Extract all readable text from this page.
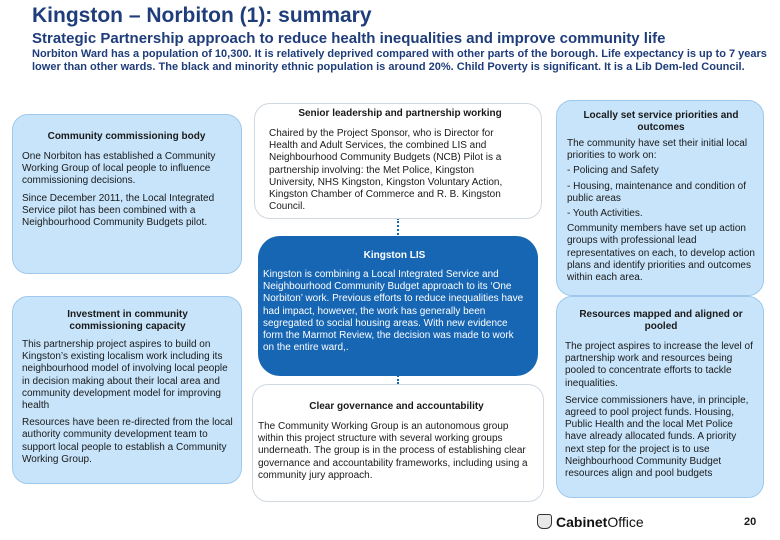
Kingston – Norbiton (1): summary
Strategic Partnership approach to reduce health inequalities and improve community life
Norbiton Ward has a population of 10,300. It is relatively deprived compared with other parts of the borough. Life expectancy is up to 7 years lower than other wards. The black and minority ethnic population is around 20%. Child Poverty is significant. It is a Lib Dem-led Council.
Community commissioning body
One Norbiton has established a Community Working Group of local people to influence commissioning decisions.
Since December 2011, the Local Integrated Service pilot has been combined with a Neighbourhood Community Budgets pilot.
Investment in community commissioning capacity
This partnership project aspires to build on Kingston’s existing localism work including its neighbourhood model of involving local people in decision making about their local area and community development model for improving health
Resources have been re-directed from the local authority community development team to support local people to establish a Community Working Group.
Senior leadership and partnership working
Chaired by the Project Sponsor, who is Director for Health and Adult Services, the combined LIS and Neighbourhood Community Budgets (NCB) Pilot is a partnership involving: the Met Police, Kingston University, NHS Kingston, Kingston Voluntary Action, Kingston Chamber of Commerce and R. B. Kingston Council.
Kingston LIS
Kingston is combining a Local Integrated Service and Neighbourhood Community Budget approach to its ‘One Norbiton’ work. Previous efforts to reduce inequalities have had impact, however, the work has generally been segregated to social housing areas. With new evidence form the Marmot Review, the decision was made to work on the entire ward,.
Clear governance and accountability
The Community Working Group is an autonomous group within this project structure with several working groups underneath. The group is in the process of establishing clear governance and accountability frameworks, including using a community jury approach.
Locally set service priorities and outcomes
The community have set their initial local priorities to work on:
- Policing and Safety
- Housing, maintenance and condition of public areas
- Youth Activities.
Community members have set up action groups with professional lead representatives on each, to develop action plans and identify priorities and outcomes within each area.
Resources mapped and aligned or pooled
The project aspires to increase the level of partnership work and resources being pooled to concentrate efforts to tackle inequalities.
Service commissioners have, in principle, agreed to pool project funds. Housing, Public Health and the local Met Police have already allocated funds. A priority next step for the project is to use Neighbourhood Community Budget resources align and pool budgets
CabinetOffice	20
